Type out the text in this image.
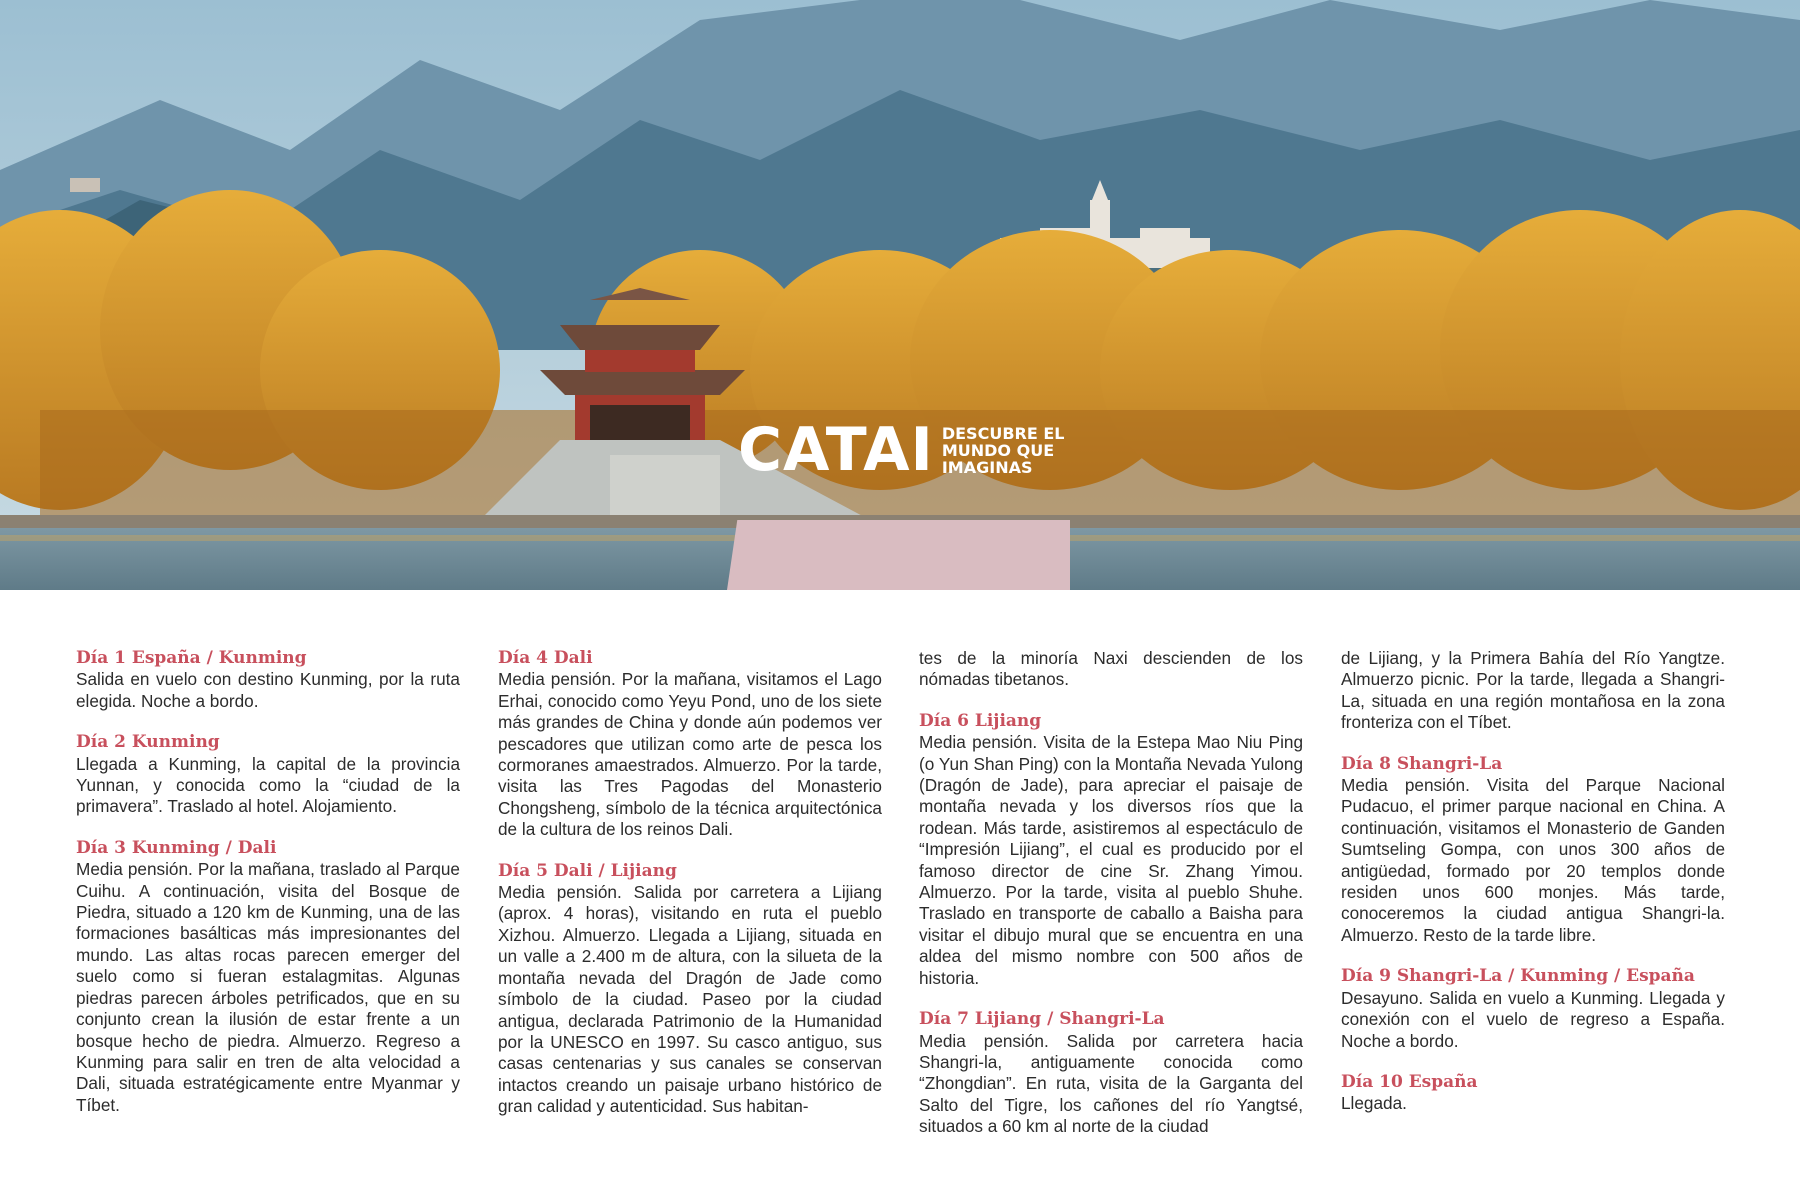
CATAI DESCUBRE EL MUNDO QUE IMAGINAS

Día 1 España / Kunming

Salida en vuelo con destino Kunming, por la ruta elegida. Noche a bordo.

Día 2 Kunming

Llegada a Kunming, la capital de la provincia Yunnan, y conocida como la “ciudad de la primavera”. Traslado al hotel. Alojamiento.

Día 3 Kunming / Dali

Media pensión. Por la mañana, traslado al Parque Cuihu. A continuación, visita del Bosque de Piedra, situado a 120 km de Kunming, una de las formaciones basálticas más impresionantes del mundo. Las altas rocas parecen emerger del suelo como si fueran estalagmitas. Algunas piedras parecen árboles petrificados, que en su conjunto crean la ilusión de estar frente a un bosque hecho de piedra. Almuerzo. Regreso a Kunming para salir en tren de alta velocidad a Dali, situada estratégicamente entre Myanmar y Tíbet.

Día 4 Dali

Media pensión. Por la mañana, visitamos el Lago Erhai, conocido como Yeyu Pond, uno de los siete más grandes de China y donde aún podemos ver pescadores que utilizan como arte de pesca los cormoranes amaestrados. Almuerzo. Por la tarde, visita las Tres Pagodas del Monasterio Chongsheng, símbolo de la técnica arquitectónica de la cultura de los reinos Dali.

Día 5 Dali / Lijiang

Media pensión. Salida por carretera a Lijiang (aprox. 4 horas), visitando en ruta el pueblo Xizhou. Almuerzo. Llegada a Lijiang, situada en un valle a 2.400 m de altura, con la silueta de la montaña nevada del Dragón de Jade como símbolo de la ciudad. Paseo por la ciudad antigua, declarada Patrimonio de la Humanidad por la UNESCO en 1997. Su casco antiguo, sus casas centenarias y sus canales se conservan intactos creando un paisaje urbano histórico de gran calidad y autenticidad. Sus habitan-

tes de la minoría Naxi descienden de los nómadas tibetanos.

Día 6 Lijiang

Media pensión. Visita de la Estepa Mao Niu Ping (o Yun Shan Ping) con la Montaña Nevada Yulong (Dragón de Jade), para apreciar el paisaje de montaña nevada y los diversos ríos que la rodean. Más tarde, asistiremos al espectáculo de “Impresión Lijiang”, el cual es producido por el famoso director de cine Sr. Zhang Yimou. Almuerzo. Por la tarde, visita al pueblo Shuhe. Traslado en transporte de caballo a Baisha para visitar el dibujo mural que se encuentra en una aldea del mismo nombre con 500 años de historia.

Día 7 Lijiang / Shangri-La

Media pensión. Salida por carretera hacia Shangri-la, antiguamente conocida como “Zhongdian”. En ruta, visita de la Garganta del Salto del Tigre, los cañones del río Yangtsé, situados a 60 km al norte de la ciudad

de Lijiang, y la Primera Bahía del Río Yangtze. Almuerzo picnic. Por la tarde, llegada a Shangri-La, situada en una región montañosa en la zona fronteriza con el Tíbet.

Día 8 Shangri-La

Media pensión. Visita del Parque Nacional Pudacuo, el primer parque nacional en China. A continuación, visitamos el Monasterio de Ganden Sumtseling Gompa, con unos 300 años de antigüedad, formado por 20 templos donde residen unos 600 monjes. Más tarde, conoceremos la ciudad antigua Shangri-la. Almuerzo. Resto de la tarde libre.

Día 9 Shangri-La / Kunming / España

Desayuno. Salida en vuelo a Kunming. Llegada y conexión con el vuelo de regreso a España. Noche a bordo.

Día 10 España

Llegada.
